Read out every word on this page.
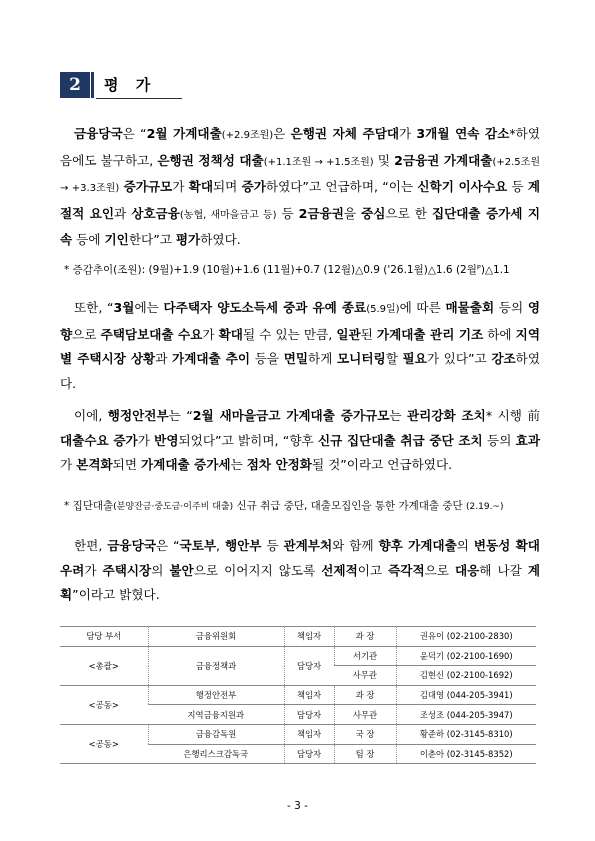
2	평 가

금융당국은 “2월 가계대출(+2.9조원)은 은행권 자체 주담대가 3개월 연속 감소*하였음에도 불구하고, 은행권 정책성 대출(+1.1조원 → +1.5조원) 및 2금융권 가계대출(+2.5조원 → +3.3조원) 증가규모가 확대되며 증가하였다”고 언급하며, “이는 신학기 이사수요 등 계절적 요인과 상호금융(농협, 새마을금고 등) 등 2금융권을 중심으로 한 집단대출 증가세 지속 등에 기인한다”고 평가하였다.

* 증감추이(조원): (9월)+1.9 (10월)+1.6 (11월)+0.7 (12월)△0.9 ('26.1월)△1.6 (2월ᴾ)△1.1

또한, “3월에는 다주택자 양도소득세 중과 유예 종료(5.9일)에 따른 매물출회 등의 영향으로 주택담보대출 수요가 확대될 수 있는 만큼, 일관된 가계대출 관리 기조 하에 지역별 주택시장 상황과 가계대출 추이 등을 면밀하게 모니터링할 필요가 있다”고 강조하였다.

이에, 행정안전부는 “2월 새마을금고 가계대출 증가규모는 관리강화 조치* 시행 前 대출수요 증가가 반영되었다”고 밝히며, “향후 신규 집단대출 취급 중단 조치 등의 효과가 본격화되면 가계대출 증가세는 점차 안정화될 것”이라고 언급하였다.

* 집단대출(분양잔금·중도금·이주비 대출) 신규 취급 중단, 대출모집인을 통한 가계대출 중단 (2.19.~)

한편, 금융당국은 “국토부, 행안부 등 관계부처와 함께 향후 가계대출의 변동성 확대 우려가 주택시장의 불안으로 이어지지 않도록 선제적이고 즉각적으로 대응해 나갈 계획”이라고 밝혔다.

담당 부서	금융위원회	책임자	과 장	권유이 (02-2100-2830)
<총괄>	금융정책과	담당자	서기관	윤덕기 (02-2100-1690)
			사무관	김현신 (02-2100-1692)
<공동>	행정안전부	책임자	과 장	김대영 (044-205-3941)
	지역금융지원과	담당자	사무관	조성조 (044-205-3947)
<공동>	금융감독원	책임자	국 장	황준하 (02-3145-8310)
	은행리스크감독국	담당자	팀 장	이춘아 (02-3145-8352)
- 3 -
